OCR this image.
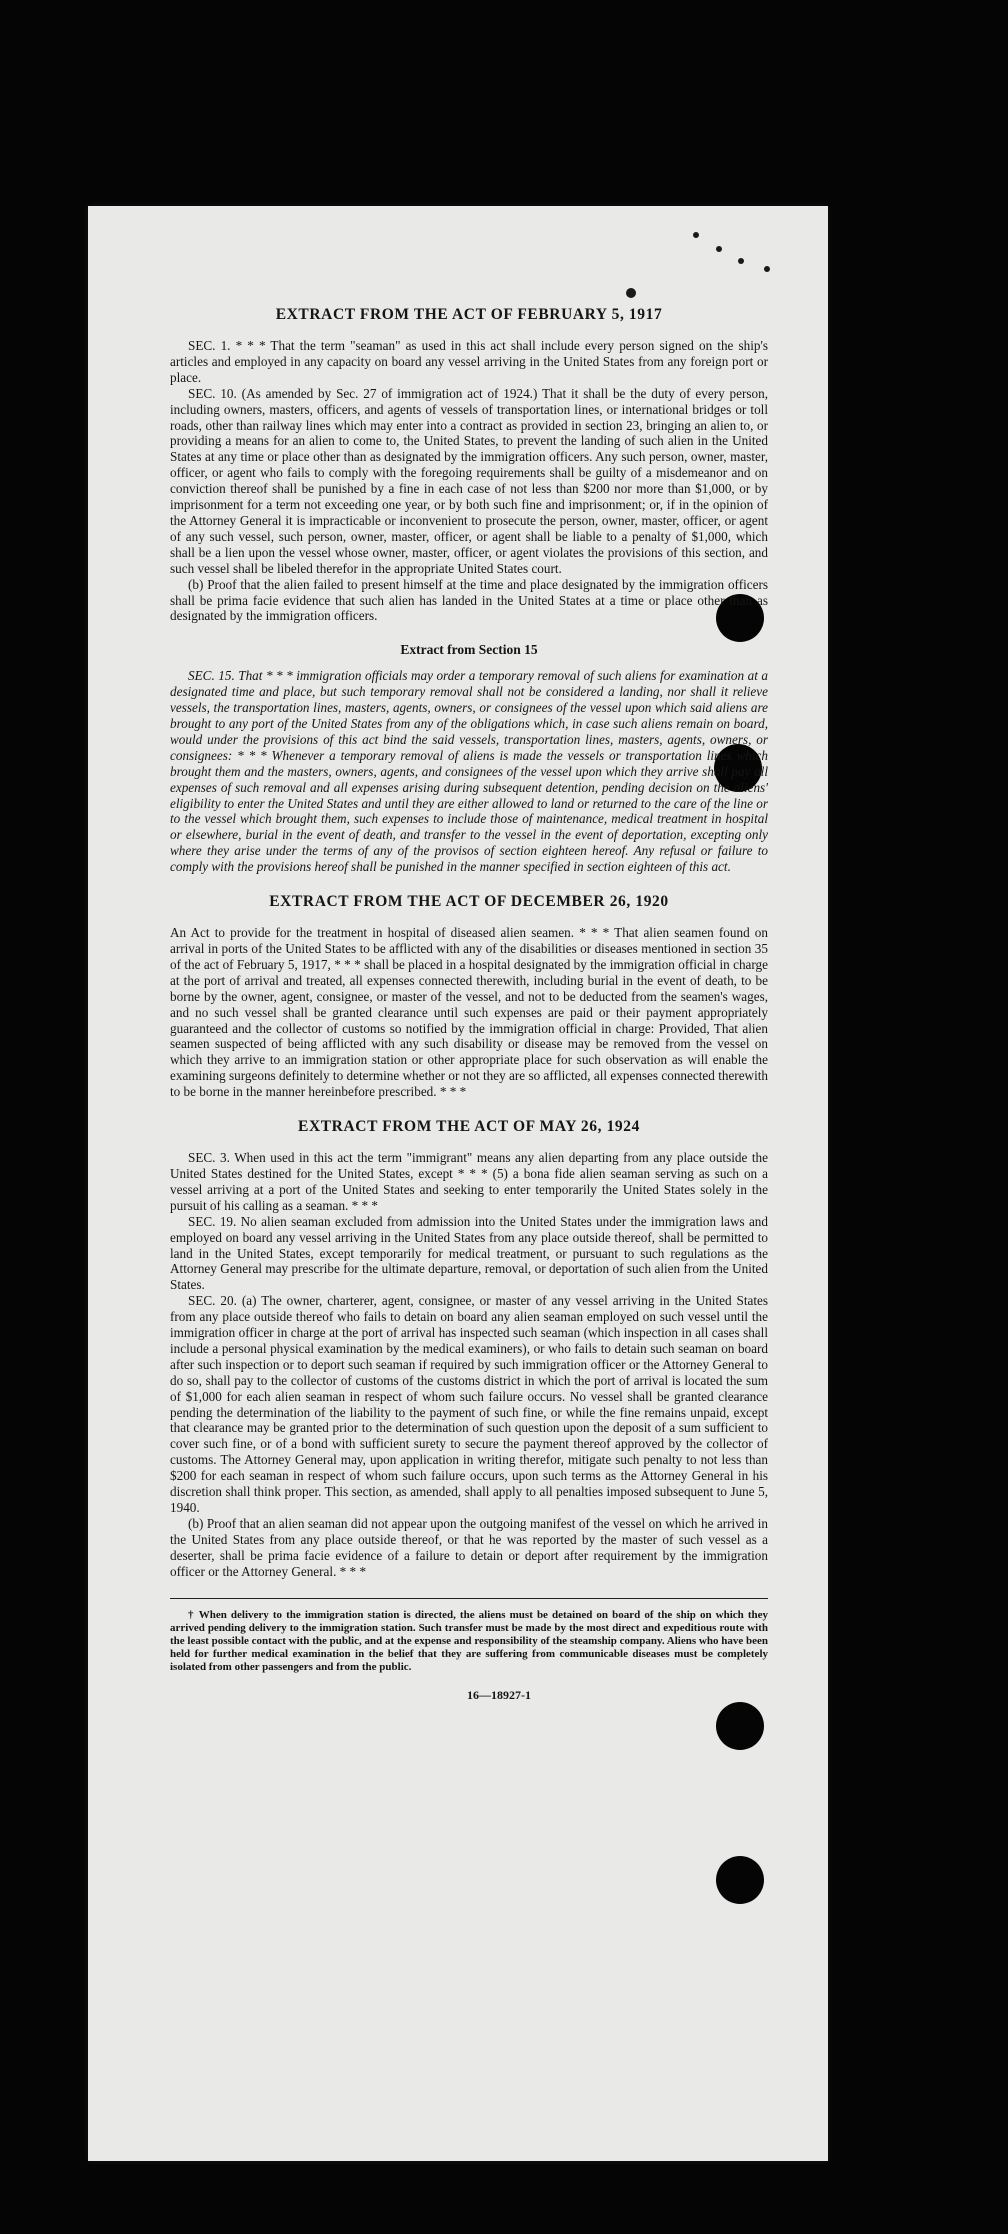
EXTRACT FROM THE ACT OF FEBRUARY 5, 1917

SEC. 1. * * * That the term "seaman" as used in this act shall include every person signed on the ship's articles and employed in any capacity on board any vessel arriving in the United States from any foreign port or place.

SEC. 10. (As amended by Sec. 27 of immigration act of 1924.) That it shall be the duty of every person, including owners, masters, officers, and agents of vessels of transportation lines, or international bridges or toll roads, other than railway lines which may enter into a contract as provided in section 23, bringing an alien to, or providing a means for an alien to come to, the United States, to prevent the landing of such alien in the United States at any time or place other than as designated by the immigration officers. Any such person, owner, master, officer, or agent who fails to comply with the foregoing requirements shall be guilty of a misdemeanor and on conviction thereof shall be punished by a fine in each case of not less than $200 nor more than $1,000, or by imprisonment for a term not exceeding one year, or by both such fine and imprisonment; or, if in the opinion of the Attorney General it is impracticable or inconvenient to prosecute the person, owner, master, officer, or agent of any such vessel, such person, owner, master, officer, or agent shall be liable to a penalty of $1,000, which shall be a lien upon the vessel whose owner, master, officer, or agent violates the provisions of this section, and such vessel shall be libeled therefor in the appropriate United States court.

(b) Proof that the alien failed to present himself at the time and place designated by the immigration officers shall be prima facie evidence that such alien has landed in the United States at a time or place other than as designated by the immigration officers.

Extract from Section 15

SEC. 15. That * * * immigration officials may order a temporary removal of such aliens for examination at a designated time and place, but such temporary removal shall not be considered a landing, nor shall it relieve vessels, the transportation lines, masters, agents, owners, or consignees of the vessel upon which said aliens are brought to any port of the United States from any of the obligations which, in case such aliens remain on board, would under the provisions of this act bind the said vessels, transportation lines, masters, agents, owners, or consignees: * * * Whenever a temporary removal of aliens is made the vessels or transportation lines which brought them and the masters, owners, agents, and consignees of the vessel upon which they arrive shall pay all expenses of such removal and all expenses arising during subsequent detention, pending decision on the aliens' eligibility to enter the United States and until they are either allowed to land or returned to the care of the line or to the vessel which brought them, such expenses to include those of maintenance, medical treatment in hospital or elsewhere, burial in the event of death, and transfer to the vessel in the event of deportation, excepting only where they arise under the terms of any of the provisos of section eighteen hereof. Any refusal or failure to comply with the provisions hereof shall be punished in the manner specified in section eighteen of this act.

EXTRACT FROM THE ACT OF DECEMBER 26, 1920

An Act to provide for the treatment in hospital of diseased alien seamen. * * * That alien seamen found on arrival in ports of the United States to be afflicted with any of the disabilities or diseases mentioned in section 35 of the act of February 5, 1917, * * * shall be placed in a hospital designated by the immigration official in charge at the port of arrival and treated, all expenses connected therewith, including burial in the event of death, to be borne by the owner, agent, consignee, or master of the vessel, and not to be deducted from the seamen's wages, and no such vessel shall be granted clearance until such expenses are paid or their payment appropriately guaranteed and the collector of customs so notified by the immigration official in charge: Provided, That alien seamen suspected of being afflicted with any such disability or disease may be removed from the vessel on which they arrive to an immigration station or other appropriate place for such observation as will enable the examining surgeons definitely to determine whether or not they are so afflicted, all expenses connected therewith to be borne in the manner hereinbefore prescribed. * * *

EXTRACT FROM THE ACT OF MAY 26, 1924

SEC. 3. When used in this act the term "immigrant" means any alien departing from any place outside the United States destined for the United States, except * * * (5) a bona fide alien seaman serving as such on a vessel arriving at a port of the United States and seeking to enter temporarily the United States solely in the pursuit of his calling as a seaman. * * *

SEC. 19. No alien seaman excluded from admission into the United States under the immigration laws and employed on board any vessel arriving in the United States from any place outside thereof, shall be permitted to land in the United States, except temporarily for medical treatment, or pursuant to such regulations as the Attorney General may prescribe for the ultimate departure, removal, or deportation of such alien from the United States.

SEC. 20. (a) The owner, charterer, agent, consignee, or master of any vessel arriving in the United States from any place outside thereof who fails to detain on board any alien seaman employed on such vessel until the immigration officer in charge at the port of arrival has inspected such seaman (which inspection in all cases shall include a personal physical examination by the medical examiners), or who fails to detain such seaman on board after such inspection or to deport such seaman if required by such immigration officer or the Attorney General to do so, shall pay to the collector of customs of the customs district in which the port of arrival is located the sum of $1,000 for each alien seaman in respect of whom such failure occurs. No vessel shall be granted clearance pending the determination of the liability to the payment of such fine, or while the fine remains unpaid, except that clearance may be granted prior to the determination of such question upon the deposit of a sum sufficient to cover such fine, or of a bond with sufficient surety to secure the payment thereof approved by the collector of customs. The Attorney General may, upon application in writing therefor, mitigate such penalty to not less than $200 for each seaman in respect of whom such failure occurs, upon such terms as the Attorney General in his discretion shall think proper. This section, as amended, shall apply to all penalties imposed subsequent to June 5, 1940.

(b) Proof that an alien seaman did not appear upon the outgoing manifest of the vessel on which he arrived in the United States from any place outside thereof, or that he was reported by the master of such vessel as a deserter, shall be prima facie evidence of a failure to detain or deport after requirement by the immigration officer or the Attorney General. * * *

† When delivery to the immigration station is directed, the aliens must be detained on board of the ship on which they arrived pending delivery to the immigration station. Such transfer must be made by the most direct and expeditious route with the least possible contact with the public, and at the expense and responsibility of the steamship company. Aliens who have been held for further medical examination in the belief that they are suffering from communicable diseases must be completely isolated from other passengers and from the public.

16—18927-1
